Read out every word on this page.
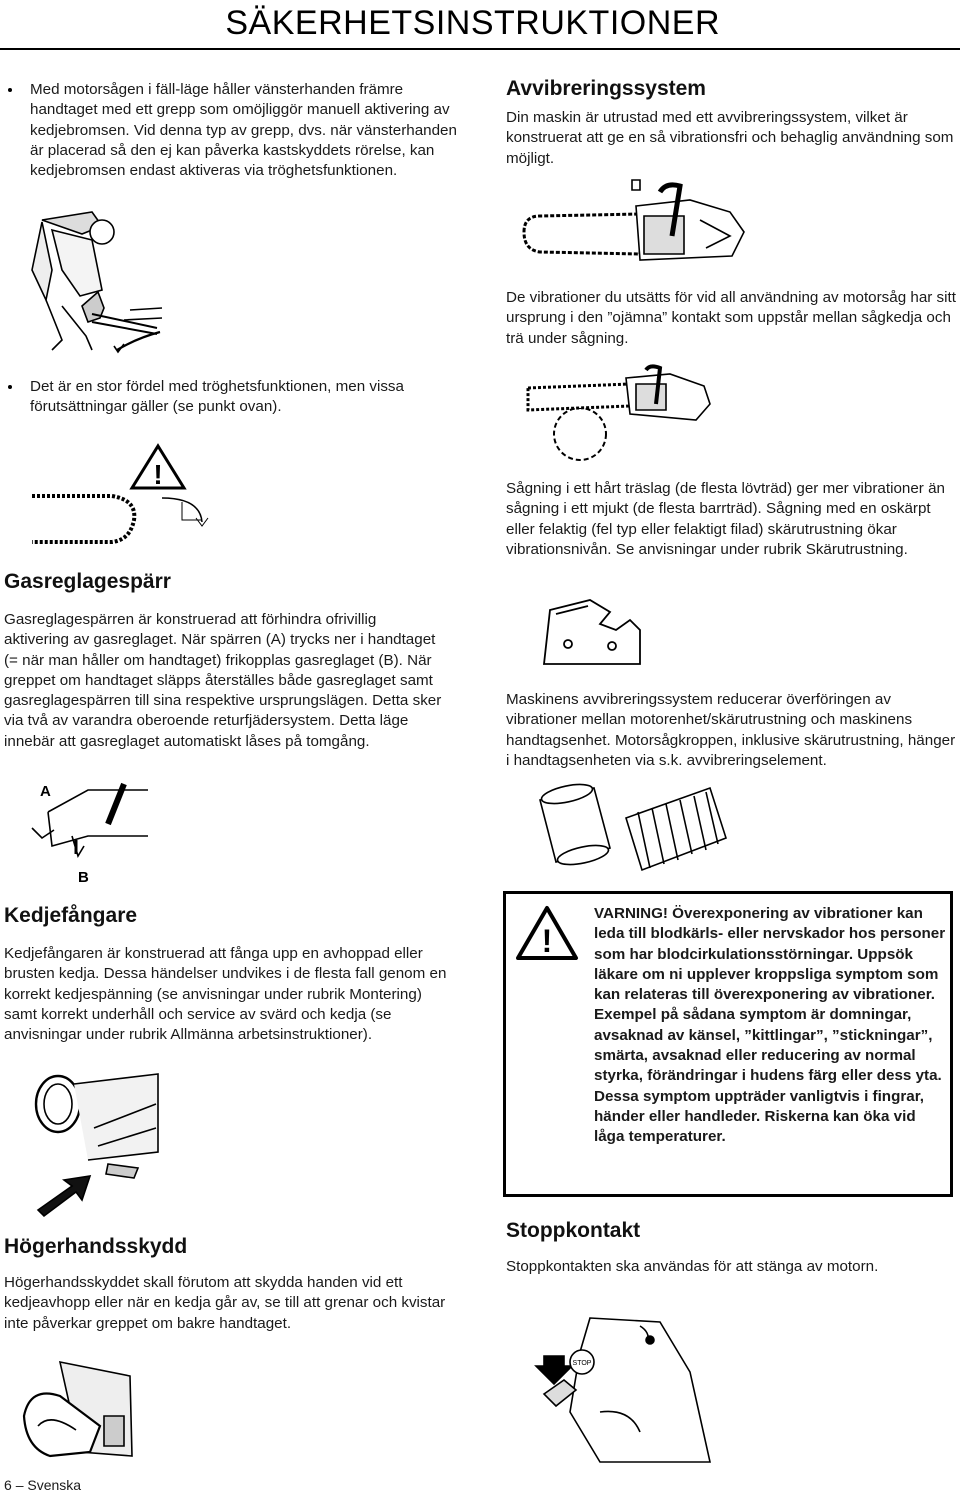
SÄKERHETSINSTRUKTIONER

Med motorsågen i fäll-läge håller vänsterhanden främre handtaget med ett grepp som omöjliggör manuell aktivering av kedjebromsen. Vid denna typ av grepp, dvs. när vänsterhanden är placerad så den ej kan påverka kastskyddets rörelse, kan kedjebromsen endast aktiveras via tröghetsfunktionen.

Det är en stor fördel med tröghetsfunktionen, men vissa förutsättningar gäller (se punkt ovan).

!
Gasreglagespärr

Gasreglagespärren är konstruerad att förhindra ofrivillig aktivering av gasreglaget. När spärren (A) trycks ner i handtaget (= när man håller om handtaget) frikopplas gasreglaget (B). När greppet om handtaget släpps återställes både gasreglaget samt gasreglagespärren till sina respektive ursprungslägen. Detta sker via två av varandra oberoende returfjädersystem. Detta läge innebär att gasreglaget automatiskt låses på tomgång.

A
B
Kedjefångare

Kedjefångaren är konstruerad att fånga upp en avhoppad eller brusten kedja. Dessa händelser undvikes i de flesta fall genom en korrekt kedjespänning (se anvisningar under rubrik Montering) samt korrekt underhåll och service av svärd och kedja (se anvisningar under rubrik Allmänna arbetsinstruktioner).

Högerhandsskydd

Högerhandsskyddet skall förutom att skydda handen vid ett kedjeavhopp eller när en kedja går av, se till att grenar och kvistar inte påverkar greppet om bakre handtaget.

Avvibreringssystem

Din maskin är utrustad med ett avvibreringssystem, vilket är konstruerat att ge en så vibrationsfri och behaglig användning som möjligt.

De vibrationer du utsätts för vid all användning av motorsåg har sitt ursprung i den ”ojämna” kontakt som uppstår mellan sågkedja och trä under sågning.

Sågning i ett hårt träslag (de flesta lövträd) ger mer vibrationer än sågning i ett mjukt (de flesta barrträd). Sågning med en oskärpt eller felaktig (fel typ eller felaktigt filad) skärutrustning ökar vibrationsnivån. Se anvisningar under rubrik Skärutrustning.

Maskinens avvibreringssystem reducerar överföringen av vibrationer mellan motorenhet/skärutrustning och maskinens handtagsenhet. Motorsågkroppen, inklusive skärutrustning, hänger i handtagsenheten via s.k. avvibreringselement.

!

VARNING! Överexponering av vibrationer kan leda till blodkärls- eller nervskador hos personer som har blodcirkulationsstörningar. Uppsök läkare om ni upplever kroppsliga symptom som kan relateras till överexponering av vibrationer. Exempel på sådana symptom är domningar, avsaknad av känsel, ”kittlingar”, ”stickningar”, smärta, avsaknad eller reducering av normal styrka, förändringar i hudens färg eller dess yta. Dessa symptom uppträder vanligtvis i fingrar, händer eller handleder. Riskerna kan öka vid låga temperaturer.

Stoppkontakt

Stoppkontakten ska användas för att stänga av motorn.

STOP
6 – Svenska
